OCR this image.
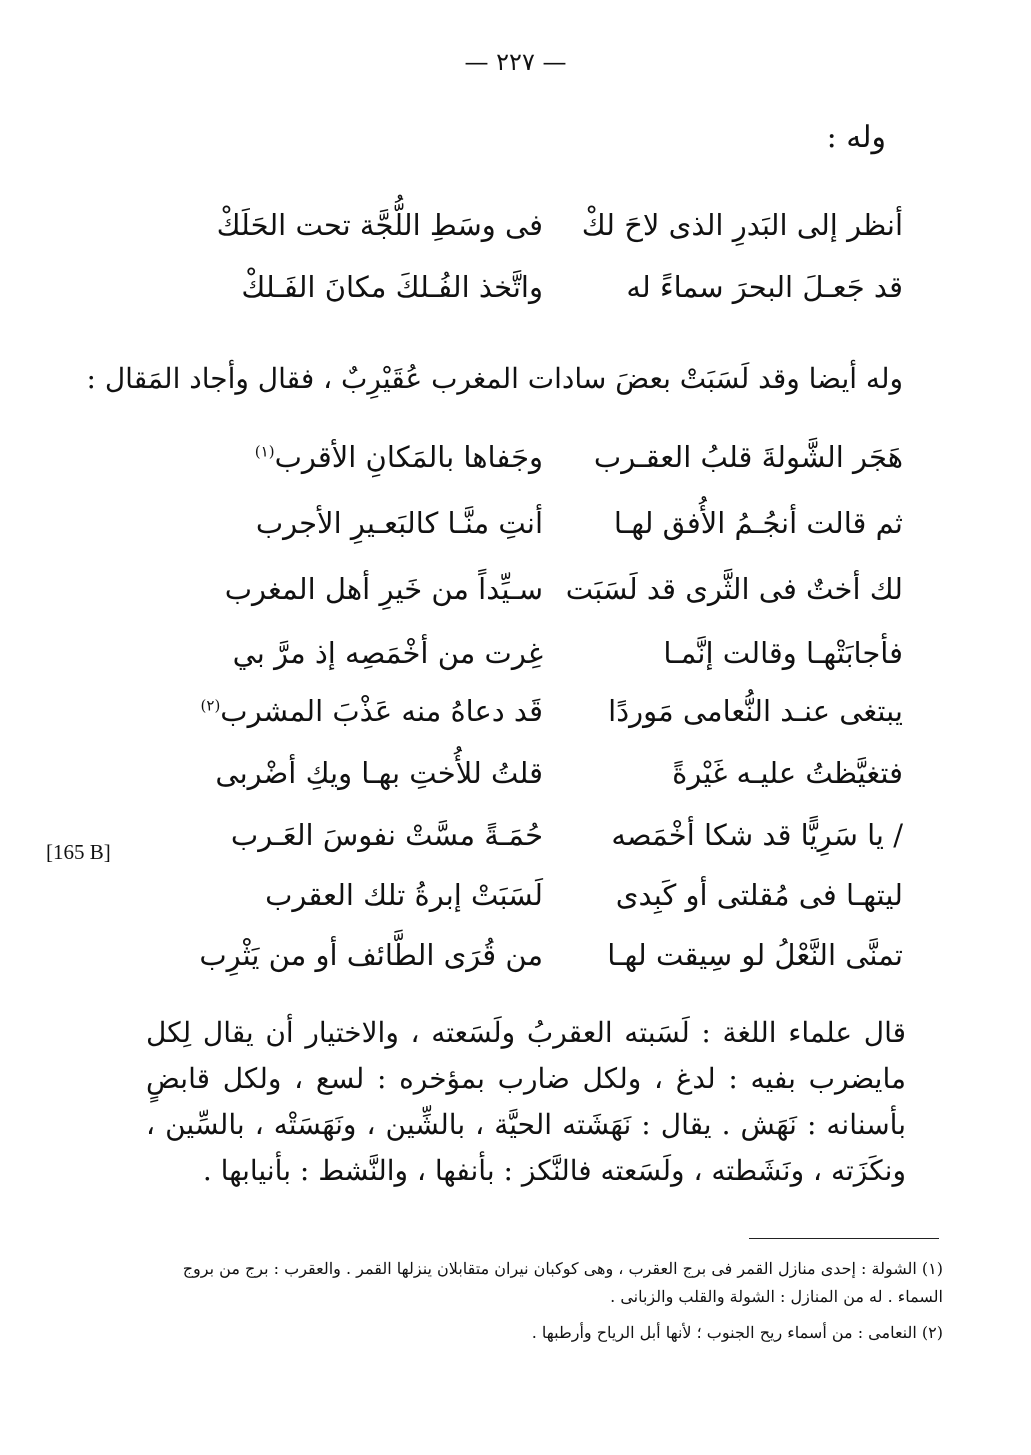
— ٢٢٧ —
[165 B]
وله :
أنظر إلى البَدرِ الذى لاحَ لكْ
فى وسَطِ اللُّجَّة تحت الحَلَكْ
قد جَعـلَ البحرَ سماءً له
واتَّخذ الفُـلكَ مكانَ الفَـلكْ
وله أيضا وقد لَسَبَتْ بعضَ سادات المغرب عُقَيْرِبٌ ، فقال وأجاد المَقال :
هَجَر الشَّولةَ قلبُ العقـرب
وجَفاها بالمَكانِ الأقرب$^{(١)}$
ثم قالت أنجُـمُ الأُفق لهـا
أنتِ منَّـا كالبَعـيرِ الأجرب
لك أختٌ فى الثَّرى قد لَسَبَت
سـيِّداً من خَيرِ أهل المغرب
فأجابَتْهـا وقالت إنَّمـا
غِرت من أخْمَصِه إذ مرَّ بي
يبتغى عنـد النُّعامى مَوردًا
قَد دعاهُ منه عَذْبَ المشرب$^{(٢)}$
فتغيَّظتُ عليـه غَيْرةً
قلتُ للأُختِ بهـا ويكِ أضْربى
/ يا سَرِيًّا قد شكا أخْمَصه
حُمَـةً مسَّتْ نفوسَ العَـرب
ليتهـا فى مُقلتى أو كَبِدى
لَسَبَتْ إبرةُ تلك العقرب
تمنَّى النَّعْلُ لو سِيقت لهـا
من قُرَى الطَّائف أو من يَثْرِب
قال علماء اللغة : لَسَبته العقربُ ولَسَعته ، والاختيار أن يقال لِكل مايضرب بفيه : لدغ ، ولكل ضارب بمؤخره : لسع ، ولكل قابضٍ بأسنانه : نَهَش . يقال : نَهَشَته الحيَّة ، بالشِّين ، ونَهَسَتْه ، بالسِّين ، ونكَزَته ، ونَشَطته ، ولَسَعته فالنَّكز : بأنفها ، والنَّشط : بأنيابها .

(١) الشولة : إحدى منازل القمر فى برج العقرب ، وهى كوكبان نيران متقابلان ينزلها القمر . والعقرب : برج من بروج السماء . له من المنازل : الشولة والقلب والزبانى .

(٢) النعامى : من أسماء ريح الجنوب ؛ لأنها أبل الرياح وأرطبها .
